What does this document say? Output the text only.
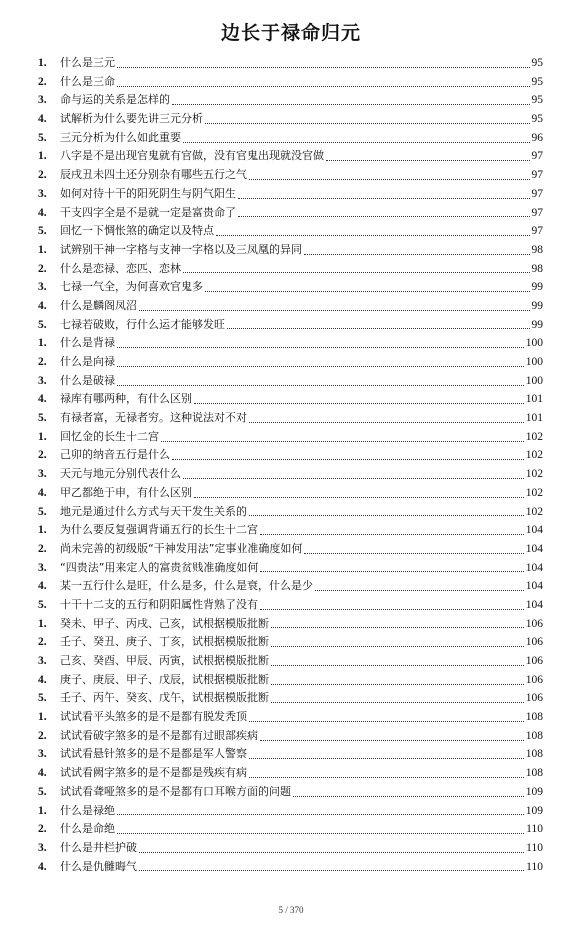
边长于禄命归元
1.	什么是三元	95
2.	什么是三命	95
3.	命与运的关系是怎样的	95
4.	试解析为什么要先讲三元分析	95
5.	三元分析为什么如此重要	96
1.	八字是不是出现官鬼就有官做，没有官鬼出现就没官做	97
2.	辰戌丑未四土还分别杂有哪些五行之气	97
3.	如何对待十干的阳死阴生与阴气阳生	97
4.	干支四字全是不是就一定是富贵命了	97
5.	回忆一下惆怅煞的确定以及特点	97
1.	试辨别干神一字格与支神一字格以及三凤凰的异同	98
2.	什么是恋禄、恋匹、恋林	98
3.	七禄一气全，为何喜欢官鬼多	99
4.	什么是麟阁凤沼	99
5.	七禄若破败，行什么运才能够发旺	99
1.	什么是背禄	100
2.	什么是向禄	100
3.	什么是破禄	100
4.	禄库有哪两种，有什么区别	101
5.	有禄者富，无禄者穷。这种说法对不对	101
1.	回忆金的长生十二宫	102
2.	己卯的纳音五行是什么	102
3.	天元与地元分别代表什么	102
4.	甲乙都绝于申，有什么区别	102
5.	地元是通过什么方式与天干发生关系的	102
1.	为什么要反复强调背诵五行的长生十二宫	104
2.	尚未完善的初级版“干神发用法”定事业准确度如何	104
3.	“四贵法”用来定人的富贵贫贱准确度如何	104
4.	某一五行什么是旺，什么是多，什么是衰，什么是少	104
5.	十干十二支的五行和阴阳属性背熟了没有	104
1.	癸未、甲子、丙戌、己亥，试根据模版批断	106
2.	壬子、癸丑、庚子、丁亥，试根据模版批断	106
3.	己亥、癸酉、甲辰、丙寅，试根据模版批断	106
4.	庚子、庚辰、甲子、戊辰，试根据模版批断	106
5.	壬子、丙午、癸亥、戊午，试根据模版批断	106
1.	试试看平头煞多的是不是都有脱发秃顶	108
2.	试试看破字煞多的是不是都有过眼部疾病	108
3.	试试看悬针煞多的是不是都是军人警察	108
4.	试试看阙字煞多的是不是都是残疾有病	108
5.	试试看聋哑煞多的是不是都有口耳喉方面的问题	109
1.	什么是禄绝	109
2.	什么是命绝	110
3.	什么是井栏护破	110
4.	什么是仇雠晦气	110
5 / 370
